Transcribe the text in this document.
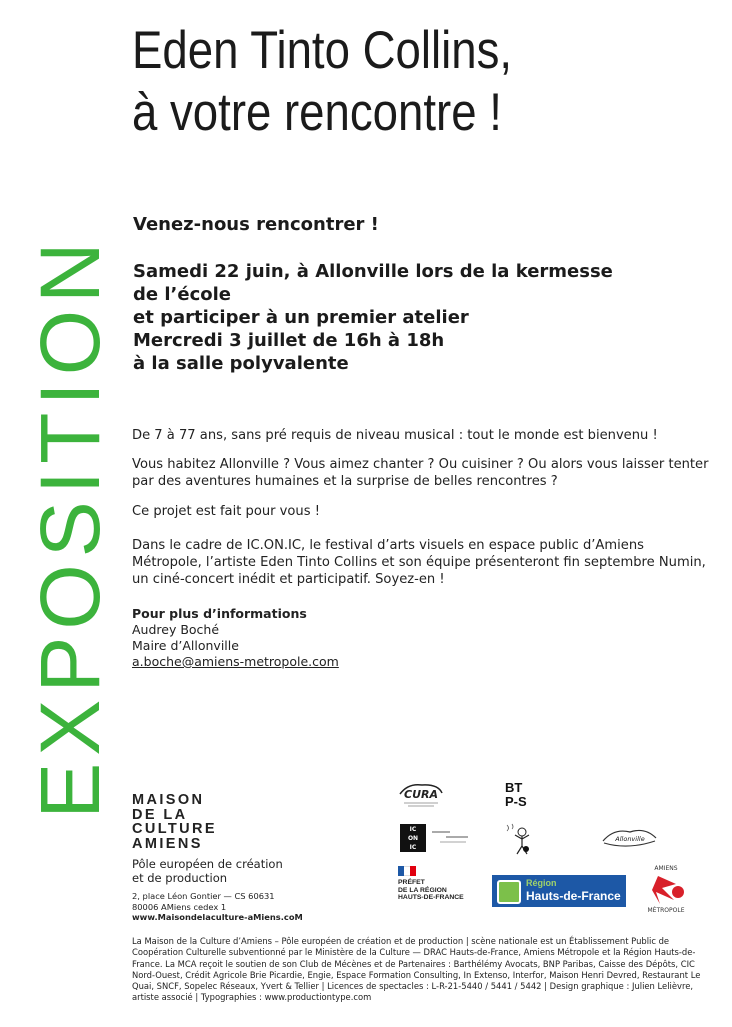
EXPOSITION
Eden Tinto Collins,
à votre rencontre !
Venez-nous rencontrer !
Samedi 22 juin, à Allonville lors de la kermesse
de l’école
et participer à un premier atelier
Mercredi 3 juillet de 16h à 18h
à la salle polyvalente
De 7 à 77 ans, sans pré requis de niveau musical : tout le monde est bienvenu !
Vous habitez Allonville ? Vous aimez chanter ? Ou cuisiner ? Ou alors vous laisser tenter par des aventures humaines et la surprise de belles rencontres ?
Ce projet est fait pour vous !
Dans le cadre de IC.ON.IC, le festival d’arts visuels en espace public d’Amiens Métropole, l’artiste Eden Tinto Collins et son équipe présenteront fin septembre Numin, un ciné-concert inédit et participatif. Soyez-en !
Pour plus d’informations
Audrey Boché
Maire d’Allonville
a.boche@amiens-metropole.com
MAISON
DE LA
CULTURE
AMIENS
Pôle européen de création
et de production
2, place Léon Gontier — CS 60631
80006 AMiens cedex 1
www.Maisondelaculture-aMiens.coM
CURA	BT
P-S
IC
ON
IC
Allonville
PRÉFET
DE LA RÉGION
HAUTS-DE-FRANCE
Région
Hauts-de-France
AMIENS
MÉTROPOLE
La Maison de la Culture d’Amiens – Pôle européen de création et de production | scène nationale est un Établissement Public de Coopération Culturelle subventionné par le Ministère de la Culture — DRAC Hauts-de-France, Amiens Métropole et la Région Hauts-de-France. La MCA reçoit le soutien de son Club de Mécènes et de Partenaires : Barthélémy Avocats, BNP Paribas, Caisse des Dépôts, CIC Nord-Ouest, Crédit Agricole Brie Picardie, Engie, Espace Formation Consulting, In Extenso, Interfor, Maison Henri Devred, Restaurant Le Quai, SNCF, Sopelec Réseaux, Yvert & Tellier | Licences de spectacles : L-R-21-5440 / 5441 / 5442 | Design graphique : Julien Lelièvre, artiste associé | Typographies : www.productiontype.com
